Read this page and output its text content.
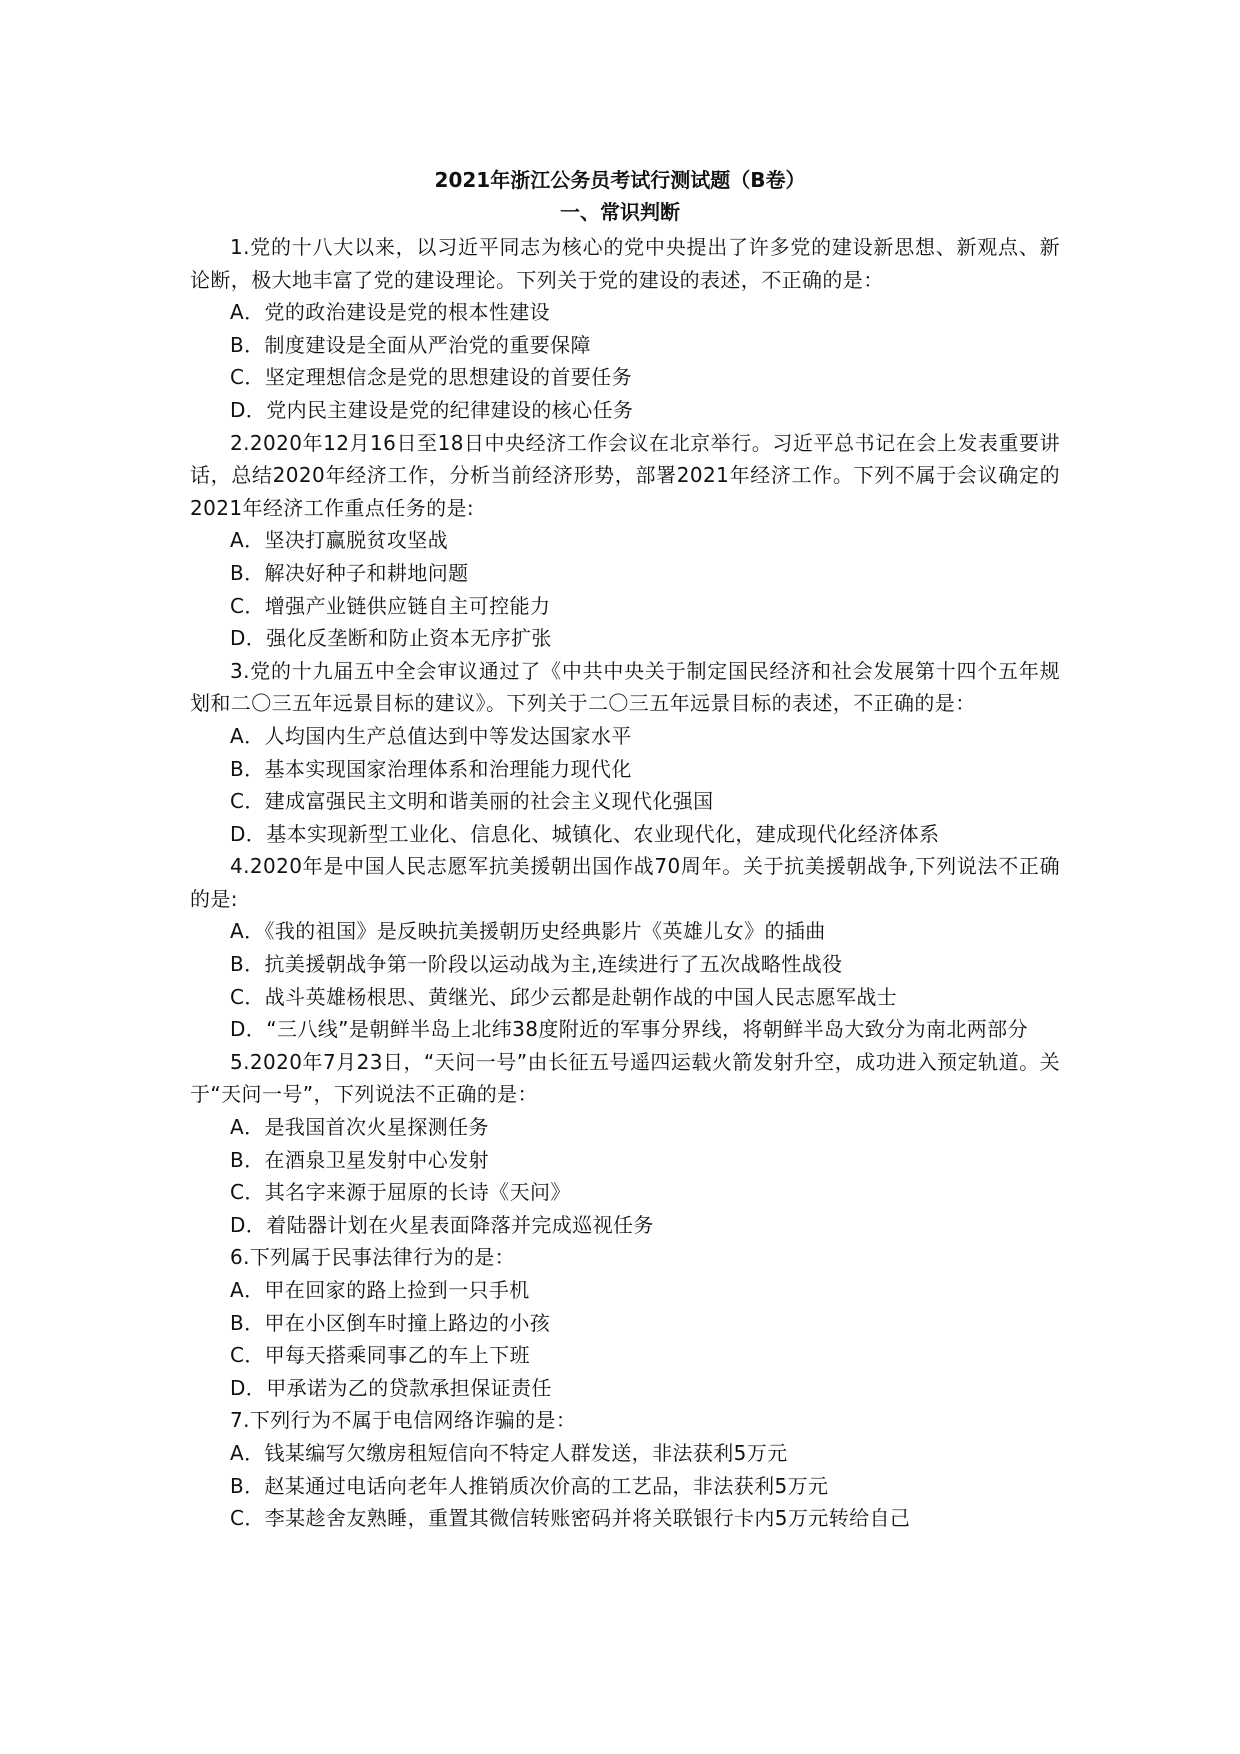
2021年浙江公务员考试行测试题（B卷）
一、常识判断

1.党的十八大以来，以习近平同志为核心的党中央提出了许多党的建设新思想、新观点、新论断，极大地丰富了党的建设理论。下列关于党的建设的表述，不正确的是：

A．党的政治建设是党的根本性建设

B．制度建设是全面从严治党的重要保障

C．坚定理想信念是党的思想建设的首要任务

D．党内民主建设是党的纪律建设的核心任务

2.2020年12月16日至18日中央经济工作会议在北京举行。习近平总书记在会上发表重要讲话，总结2020年经济工作，分析当前经济形势，部署2021年经济工作。下列不属于会议确定的2021年经济工作重点任务的是:

A．坚决打赢脱贫攻坚战

B．解决好种子和耕地问题

C．增强产业链供应链自主可控能力

D．强化反垄断和防止资本无序扩张

3.党的十九届五中全会审议通过了《中共中央关于制定国民经济和社会发展第十四个五年规划和二〇三五年远景目标的建议》。下列关于二〇三五年远景目标的表述，不正确的是：

A．人均国内生产总值达到中等发达国家水平

B．基本实现国家治理体系和治理能力现代化

C．建成富强民主文明和谐美丽的社会主义现代化强国

D．基本实现新型工业化、信息化、城镇化、农业现代化，建成现代化经济体系

4.2020年是中国人民志愿军抗美援朝出国作战70周年。关于抗美援朝战争,下列说法不正确的是:

A．《我的祖国》是反映抗美援朝历史经典影片《英雄儿女》的插曲

B．抗美援朝战争第一阶段以运动战为主,连续进行了五次战略性战役

C．战斗英雄杨根思、黄继光、邱少云都是赴朝作战的中国人民志愿军战士

D．“三八线”是朝鲜半岛上北纬38度附近的军事分界线，将朝鲜半岛大致分为南北两部分

5.2020年7月23日，“天问一号”由长征五号遥四运载火箭发射升空，成功进入预定轨道。关于“天问一号”，下列说法不正确的是：

A．是我国首次火星探测任务

B．在酒泉卫星发射中心发射

C．其名字来源于屈原的长诗《天问》

D．着陆器计划在火星表面降落并完成巡视任务

6.下列属于民事法律行为的是：

A．甲在回家的路上捡到一只手机

B．甲在小区倒车时撞上路边的小孩

C．甲每天搭乘同事乙的车上下班

D．甲承诺为乙的贷款承担保证责任

7.下列行为不属于电信网络诈骗的是：

A．钱某编写欠缴房租短信向不特定人群发送，非法获利5万元

B．赵某通过电话向老年人推销质次价高的工艺品，非法获利5万元

C．李某趁舍友熟睡，重置其微信转账密码并将关联银行卡内5万元转给自己
